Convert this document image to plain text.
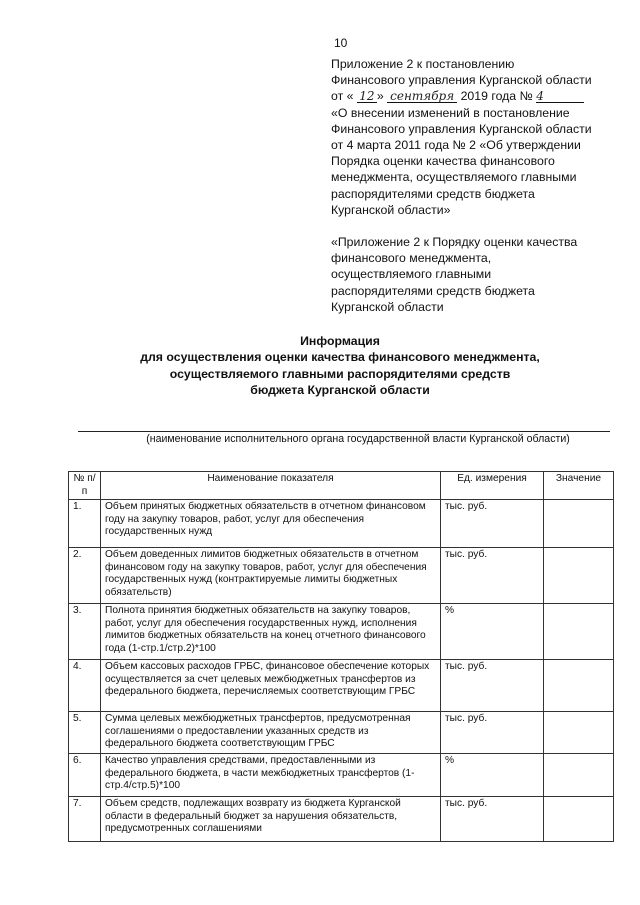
10

Приложение 2 к постановлению

Финансового управления Курганской области

от « 12 » сентября 2019 года № 4

«О внесении изменений в постановление

Финансового управления Курганской области

от 4 марта 2011 года № 2 «Об утверждении

Порядка оценки качества финансового

менеджмента, осуществляемого главными

распорядителями средств бюджета

Курганской области»

«Приложение 2 к Порядку оценки качества

финансового менеджмента,

осуществляемого главными

распорядителями средств бюджета

Курганской области

Информация

для осуществления оценки качества финансового менеджмента,

осуществляемого главными распорядителями средств

бюджета Курганской области

(наименование исполнительного органа государственной власти Курганской области)
№ п/п	Наименование показателя	Ед. измерения	Значение
1.	Объем принятых бюджетных обязательств в отчетном финансовом году на закупку товаров, работ, услуг для обеспечения государственных нужд	тыс. руб.	
2.	Объем доведенных лимитов бюджетных обязательств в отчетном финансовом году на закупку товаров, работ, услуг для обеспечения государственных нужд (контрактируемые лимиты бюджетных обязательств)	тыс. руб.	
3.	Полнота принятия бюджетных обязательств на закупку товаров, работ, услуг для обеспечения государственных нужд, исполнения лимитов бюджетных обязательств на конец отчетного финансового года (1-стр.1/стр.2)*100	%	
4.	Объем кассовых расходов ГРБС, финансовое обеспечение которых осуществляется за счет целевых межбюджетных трансфертов из федерального бюджета, перечисляемых соответствующим ГРБС	тыс. руб.	
5.	Сумма целевых межбюджетных трансфертов, предусмотренная соглашениями о предоставлении указанных средств из федерального бюджета соответствующим ГРБС	тыс. руб.	
6.	Качество управления средствами, предоставленными из федерального бюджета, в части межбюджетных трансфертов (1-стр.4/стр.5)*100	%	
7.	Объем средств, подлежащих возврату из бюджета Курганской области в федеральный бюджет за нарушения обязательств, предусмотренных соглашениями	тыс. руб.	
